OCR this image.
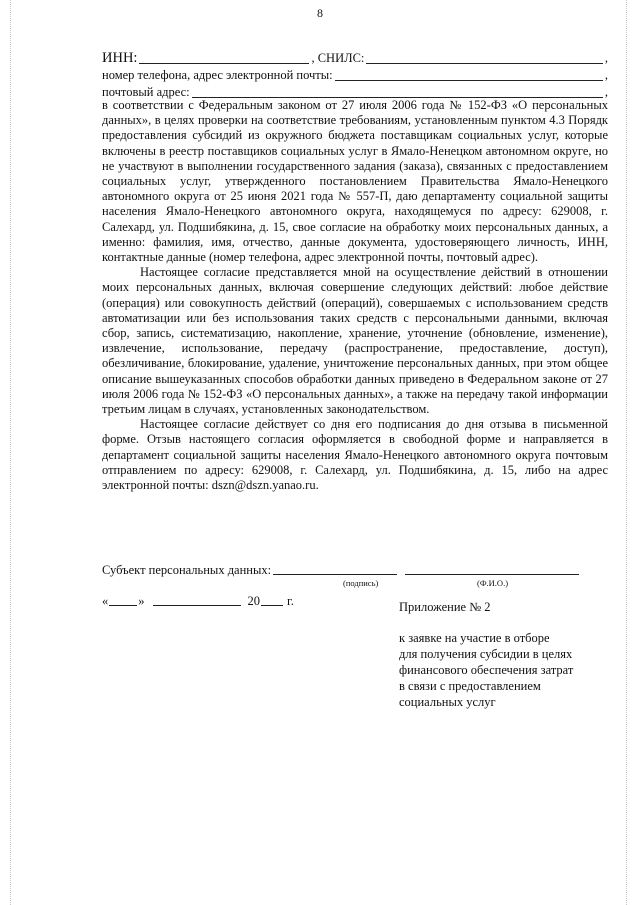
8
ИНН:	, СНИЛС:	,
номер телефона, адрес электронной почты:	,
почтовый адрес:	,

в соответствии с Федеральным законом от 27 июля 2006 года № 152-ФЗ «О персональных данных», в целях проверки на соответствие требованиям, установленным пунктом 4.3 Порядк предоставления субсидий из окружного бюджета поставщикам социальных услуг, которые включены в реестр поставщиков социальных услуг в Ямало-Ненецком автономном округе, но не участвуют в выполнении государственного задания (заказа), связанных с предоставлением социальных услуг, утвержденного постановлением Правительства Ямало-Ненецкого автономного округа от 25 июня 2021 года № 557-П, даю департаменту социальной защиты населения Ямало-Ненецкого автономного округа, находящемуся по адресу: 629008, г. Салехард, ул. Подшибякина, д. 15, свое согласие на обработку моих персональных данных, а именно: фамилия, имя, отчество, данные документа, удостоверяющего личность, ИНН, контактные данные (номер телефона, адрес электронной почты, почтовый адрес).

Настоящее согласие представляется мной на осуществление действий в отношении моих персональных данных, включая совершение следующих действий: любое действие (операция) или совокупность действий (операций), совершаемых с использованием средств автоматизации или без использования таких средств с персональными данными, включая сбор, запись, систематизацию, накопление, хранение, уточнение (обновление, изменение), извлечение, использование, передачу (распространение, предоставление, доступ), обезличивание, блокирование, удаление, уничтожение персональных данных, при этом общее описание вышеуказанных способов обработки данных приведено в Федеральном законе от 27 июля 2006 года № 152-ФЗ «О персональных данных», а также на передачу такой информации третьим лицам в случаях, установленных законодательством.

Настоящее согласие действует со дня его подписания до дня отзыва в письменной форме. Отзыв настоящего согласия оформляется в свободной форме и направляется в департамент социальной защиты населения Ямало-Ненецкого автономного округа почтовым отправлением по адресу: 629008, г. Салехард, ул. Подшибякина, д. 15, либо на адрес электронной почты: dszn@dszn.yanao.ru.

Субъект персональных данных:
(подпись)	(Ф.И.О.)
« »	20 г.	Приложение № 2
к заявке на участие в отборе
для получения субсидии в целях
финансового обеспечения затрат
в связи с предоставлением
социальных услуг
